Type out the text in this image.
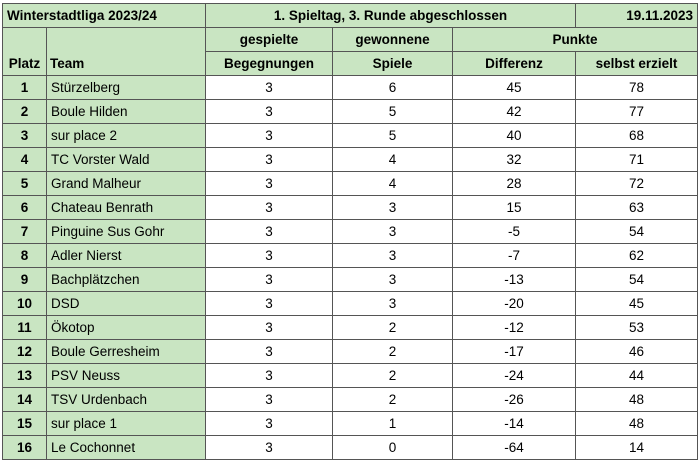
Winterstadtliga 2023/24		1. Spieltag, 3. Runde abgeschlossen			19.11.2023
Platz	Team	gespielte	gewonnene	Punkte	
		Begegnungen	Spiele	Differenz	selbst erzielt
1	Stürzelberg	3	6	45	78
2	Boule Hilden	3	5	42	77
3	sur place 2	3	5	40	68
4	TC Vorster Wald	3	4	32	71
5	Grand Malheur	3	4	28	72
6	Chateau Benrath	3	3	15	63
7	Pinguine Sus Gohr	3	3	-5	54
8	Adler Nierst	3	3	-7	62
9	Bachplätzchen	3	3	-13	54
10	DSD	3	3	-20	45
11	Ökotop	3	2	-12	53
12	Boule Gerresheim	3	2	-17	46
13	PSV Neuss	3	2	-24	44
14	TSV Urdenbach	3	2	-26	48
15	sur place 1	3	1	-14	48
16	Le Cochonnet	3	0	-64	14
